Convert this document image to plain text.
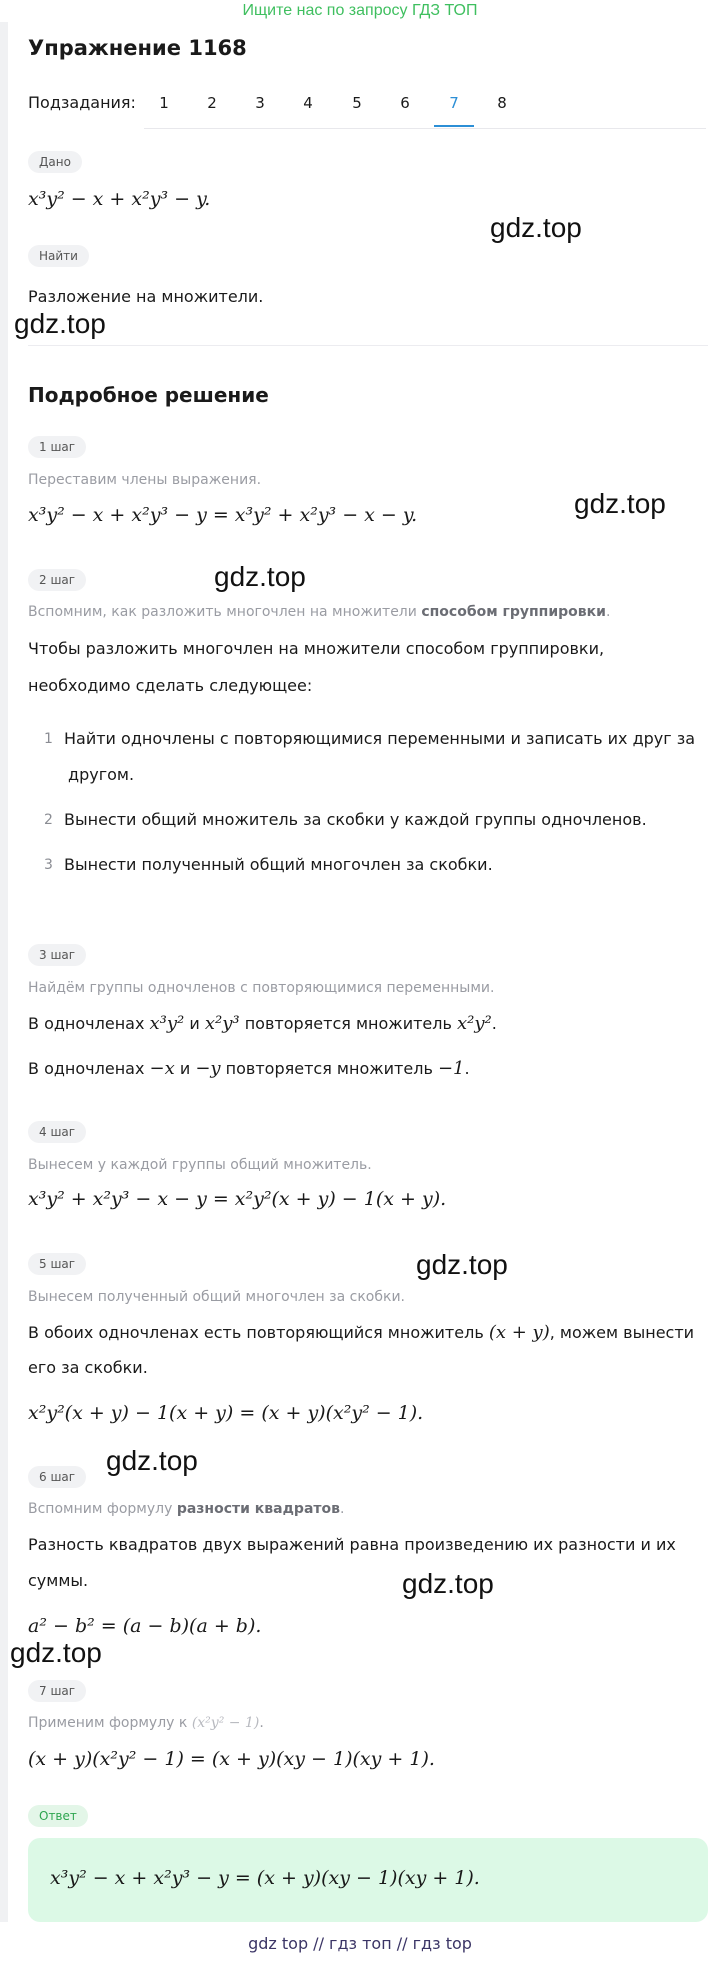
Ищите нас по запросу ГДЗ ТОП
Упражнение 1168
Подзадания:	1	2	3	4	5	6	7	8
Дано
x³y² − x + x²y³ − y.
Найти
Разложение на множители.
Подробное решение
1 шаг
Переставим члены выражения.
x³y² − x + x²y³ − y = x³y² + x²y³ − x − y.
2 шаг
Вспомним, как разложить многочлен на множители способом группировки.
Чтобы разложить многочлен на множители способом группировки,
необходимо сделать следующее:
1 Найти одночлены с повторяющимися переменными и записать их друг за
другом.
2 Вынести общий множитель за скобки у каждой группы одночленов.
3 Вынести полученный общий многочлен за скобки.
3 шаг
Найдём группы одночленов с повторяющимися переменными.
В одночленах x³y² и x²y³ повторяется множитель x²y².
В одночленах −x и −y повторяется множитель −1.
4 шаг
Вынесем у каждой группы общий множитель.
x³y² + x²y³ − x − y = x²y²(x + y) − 1(x + y).
5 шаг
Вынесем полученный общий многочлен за скобки.
В обоих одночленах есть повторяющийся множитель (x + y), можем вынести
его за скобки.
x²y²(x + y) − 1(x + y) = (x + y)(x²y² − 1).
6 шаг
Вспомним формулу разности квадратов.
Разность квадратов двух выражений равна произведению их разности и их
суммы.
a² − b² = (a − b)(a + b).
7 шаг
Применим формулу к (x²y² − 1).
(x + y)(x²y² − 1) = (x + y)(xy − 1)(xy + 1).
Ответ
x³y² − x + x²y³ − y = (x + y)(xy − 1)(xy + 1).
gdz.top
gdz.top
gdz.top
gdz.top
gdz.top
gdz.top
gdz.top
gdz.top
gdz top // гдз топ // гдз top
